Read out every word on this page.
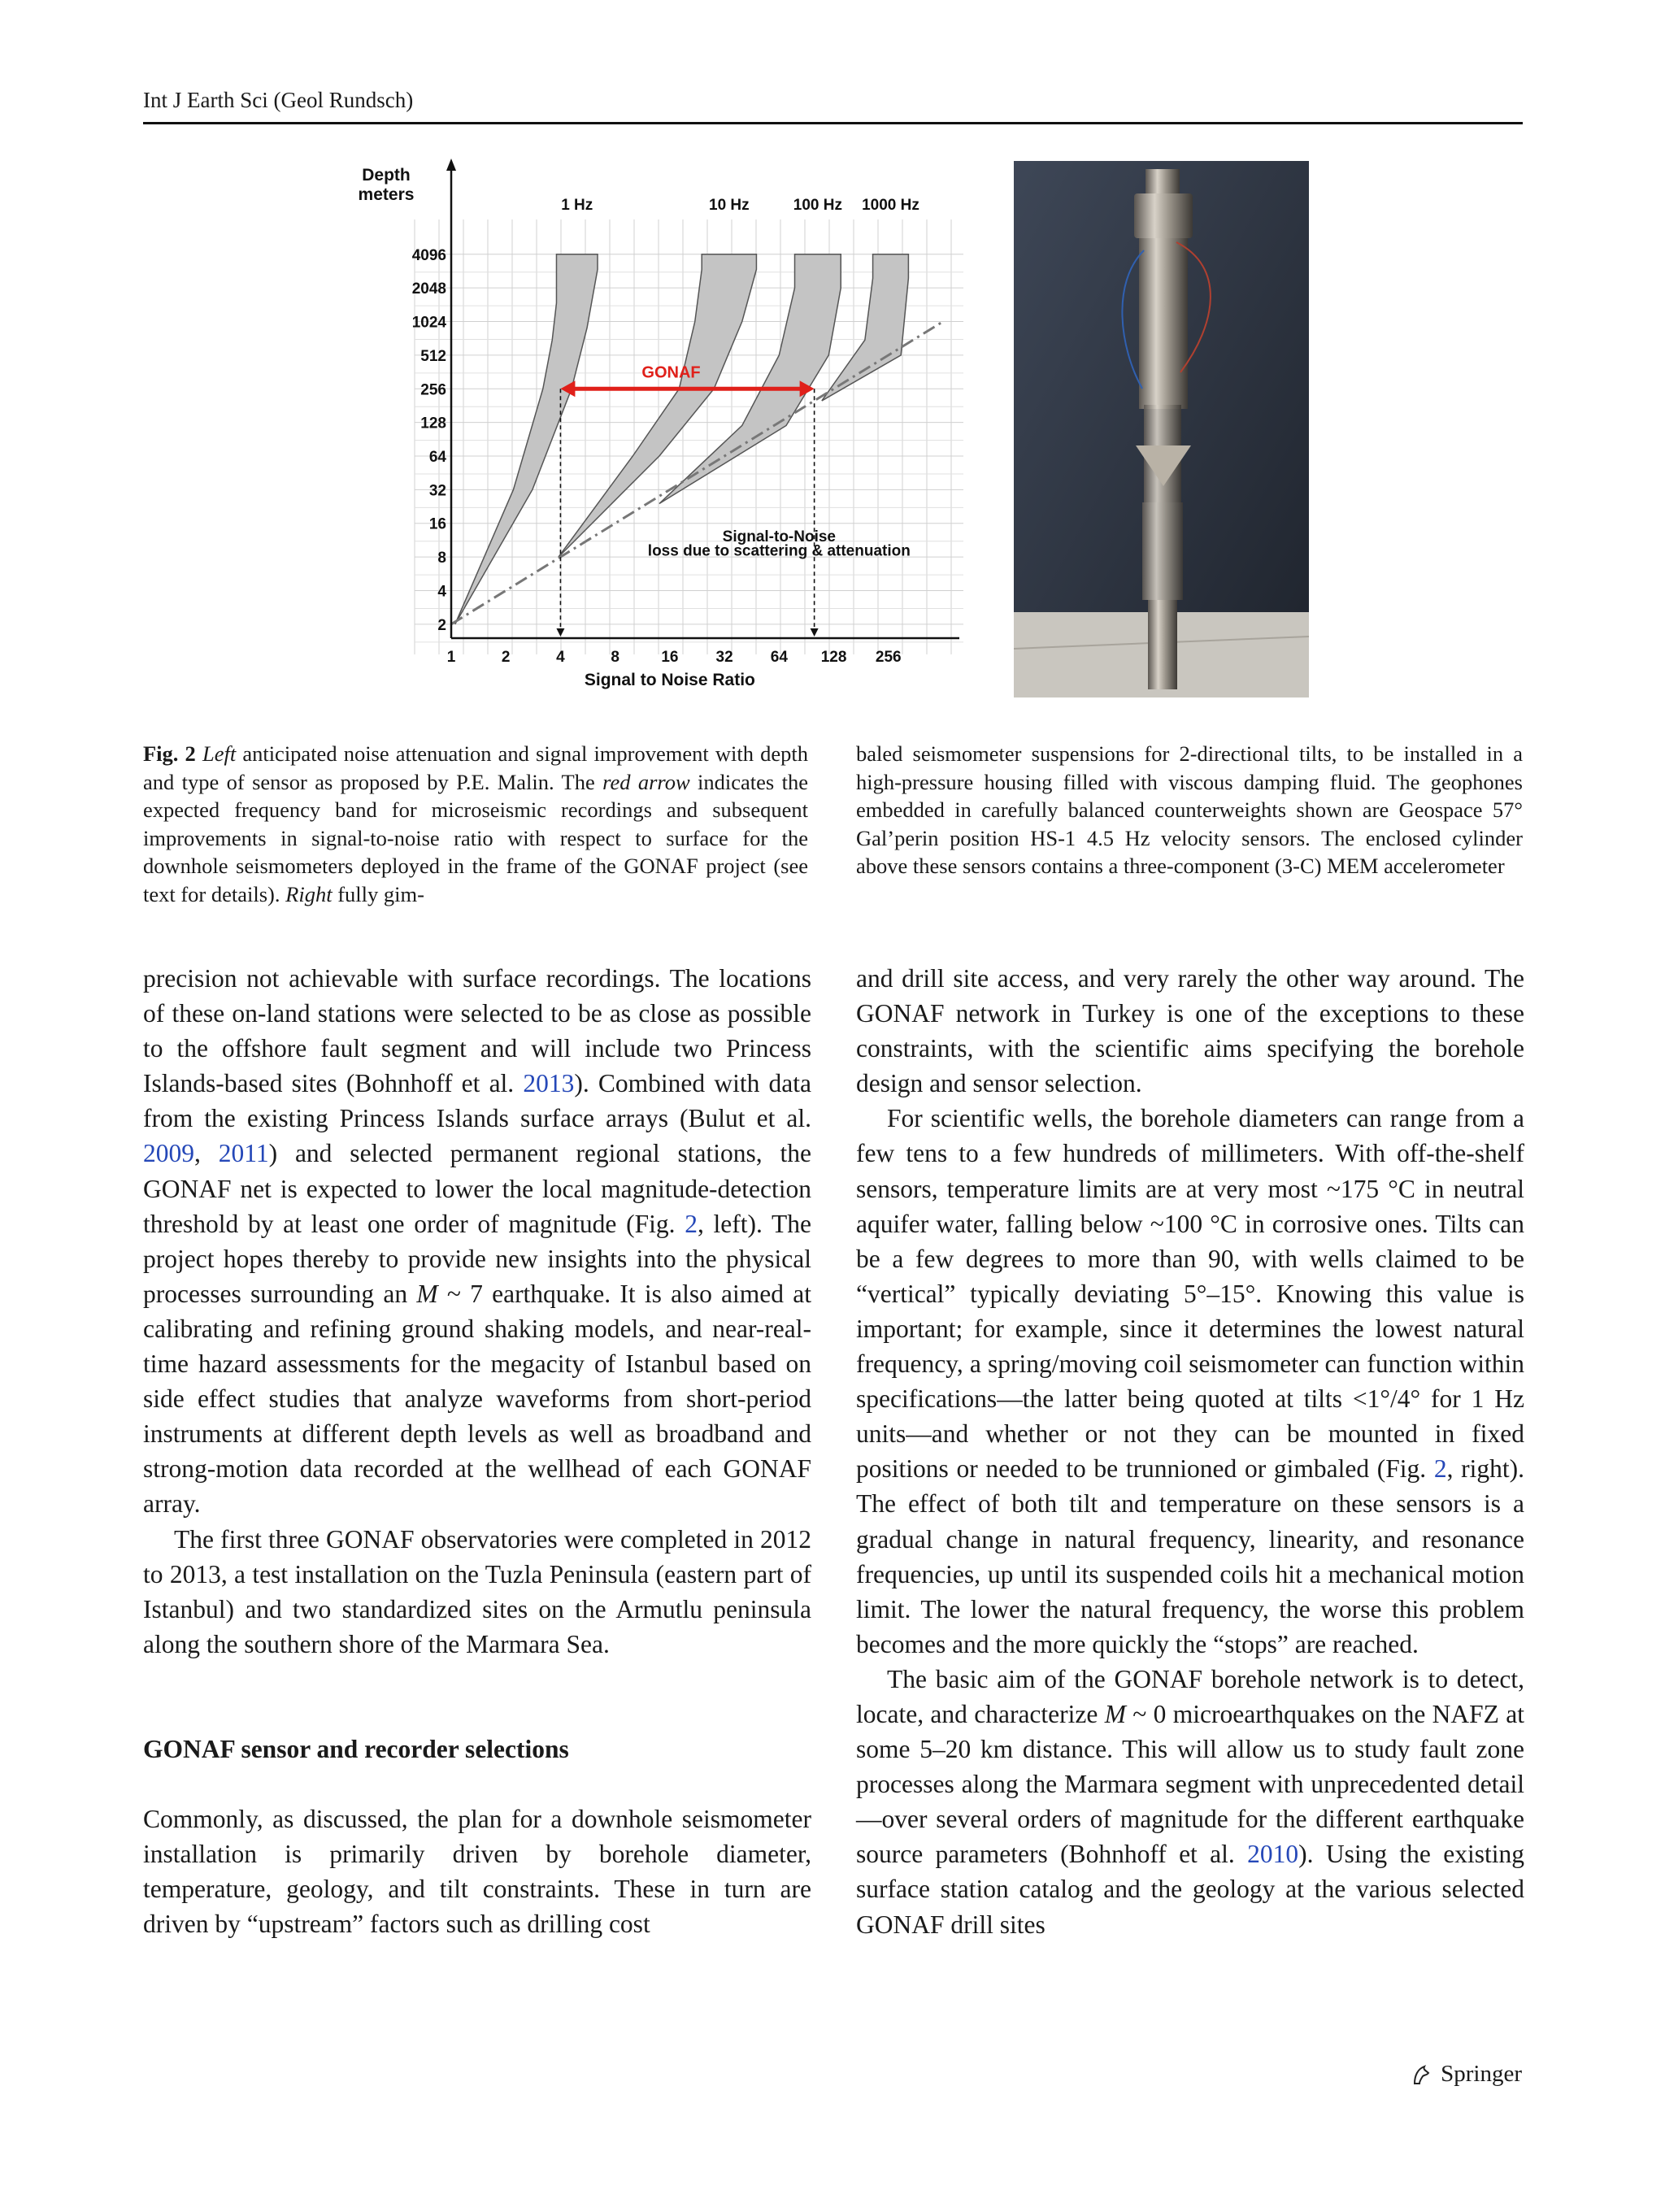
Int J Earth Sci (Geol Rundsch)
1 Hz	10 Hz	100 Hz 1000 Hz
Signal-to-Noise
loss due to scattering & attenuation
GONAF
2
4
8
16
32
64
128
256
512
1024
2048
4096
1	2	4	8	16 32 64 128 256
Signal to Noise Ratio
Depth
meters

Fig. 2 Left anticipated noise attenuation and signal improvement with depth and type of sensor as proposed by P.E. Malin. The red arrow indicates the expected frequency band for microseismic recordings and subsequent improvements in signal-to-noise ratio with respect to surface for the downhole seismometers deployed in the frame of the GONAF project (see text for details). Right fully gim-

baled seismometer suspensions for 2-directional tilts, to be installed in a high-pressure housing filled with viscous damping fluid. The geophones embedded in carefully balanced counterweights shown are Geospace 57° Gal’perin position HS-1 4.5 Hz velocity sensors. The enclosed cylinder above these sensors contains a three-component (3-C) MEM accelerometer

precision not achievable with surface recordings. The locations of these on-land stations were selected to be as close as possible to the offshore fault segment and will include two Princess Islands-based sites (Bohnhoff et al. 2013). Combined with data from the existing Princess Islands surface arrays (Bulut et al. 2009, 2011) and selected permanent regional stations, the GONAF net is expected to lower the local magnitude-detection threshold by at least one order of magnitude (Fig. 2, left). The project hopes thereby to provide new insights into the physical processes surrounding an M ~ 7 earthquake. It is also aimed at calibrating and refining ground shaking models, and near-real-time hazard assessments for the megacity of Istanbul based on side effect studies that analyze waveforms from short-period instruments at different depth levels as well as broadband and strong-motion data recorded at the wellhead of each GONAF array.

The first three GONAF observatories were completed in 2012 to 2013, a test installation on the Tuzla Peninsula (eastern part of Istanbul) and two standardized sites on the Armutlu peninsula along the southern shore of the Marmara Sea.

GONAF sensor and recorder selections

Commonly, as discussed, the plan for a downhole seismometer installation is primarily driven by borehole diameter, temperature, geology, and tilt constraints. These in turn are driven by “upstream” factors such as drilling cost

and drill site access, and very rarely the other way around. The GONAF network in Turkey is one of the exceptions to these constraints, with the scientific aims specifying the borehole design and sensor selection.

For scientific wells, the borehole diameters can range from a few tens to a few hundreds of millimeters. With off-the-shelf sensors, temperature limits are at very most ~175 °C in neutral aquifer water, falling below ~100 °C in corrosive ones. Tilts can be a few degrees to more than 90, with wells claimed to be “vertical” typically deviating 5°–15°. Knowing this value is important; for example, since it determines the lowest natural frequency, a spring/moving coil seismometer can function within specifications—the latter being quoted at tilts <1°/4° for 1 Hz units—and whether or not they can be mounted in fixed positions or needed to be trunnioned or gimbaled (Fig. 2, right). The effect of both tilt and temperature on these sensors is a gradual change in natural frequency, linearity, and resonance frequencies, up until its suspended coils hit a mechanical motion limit. The lower the natural frequency, the worse this problem becomes and the more quickly the “stops” are reached.

The basic aim of the GONAF borehole network is to detect, locate, and characterize M ~ 0 microearthquakes on the NAFZ at some 5–20 km distance. This will allow us to study fault zone processes along the Marmara segment with unprecedented detail—over several orders of magnitude for the different earthquake source parameters (Bohnhoff et al. 2010). Using the existing surface station catalog and the geology at the various selected GONAF drill sites

Springer
